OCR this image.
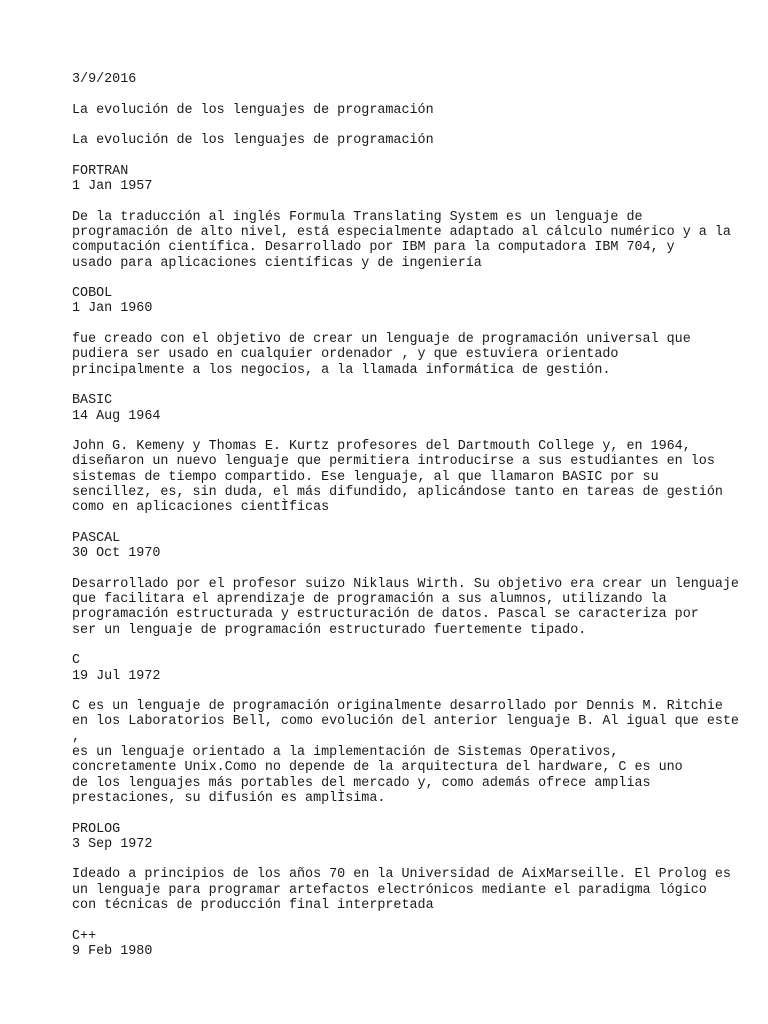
3/9/2016
La evolución de los lenguajes de programación
La evolución de los lenguajes de programación
FORTRAN
1 Jan 1957
De la traducción al inglés Formula Translating System es un lenguaje de
programación de alto nivel, está especialmente adaptado al cálculo numérico y a la
computación científica. Desarrollado por IBM para la computadora IBM 704, y
usado para aplicaciones científicas y de ingeniería
COBOL
1 Jan 1960
fue creado con el objetivo de crear un lenguaje de programación universal que
pudiera ser usado en cualquier ordenador , y que estuviera orientado
principalmente a los negocios, a la llamada informática de gestión.
BASIC
14 Aug 1964
John G. Kemeny y Thomas E. Kurtz profesores del Dartmouth College y, en 1964,
diseñaron un nuevo lenguaje que permitiera introducirse a sus estudiantes en los
sistemas de tiempo compartido. Ese lenguaje, al que llamaron BASIC por su
sencillez, es, sin duda, el más difundido, aplicándose tanto en tareas de gestión
como en aplicaciones cientÌficas
PASCAL
30 Oct 1970
Desarrollado por el profesor suizo Niklaus Wirth. Su objetivo era crear un lenguaje
que facilitara el aprendizaje de programación a sus alumnos, utilizando la
programación estructurada y estructuración de datos. Pascal se caracteriza por
ser un lenguaje de programación estructurado fuertemente tipado.
C
19 Jul 1972
C es un lenguaje de programación originalmente desarrollado por Dennis M. Ritchie
en los Laboratorios Bell, como evolución del anterior lenguaje B. Al igual que este
,
es un lenguaje orientado a la implementación de Sistemas Operativos,
concretamente Unix.Como no depende de la arquitectura del hardware, C es uno
de los lenguajes más portables del mercado y, como además ofrece amplias
prestaciones, su difusión es amplÌsima.
PROLOG
3 Sep 1972
Ideado a principios de los años 70 en la Universidad de AixMarseille. El Prolog es
un lenguaje para programar artefactos electrónicos mediante el paradigma lógico
con técnicas de producción final interpretada
C++
9 Feb 1980
